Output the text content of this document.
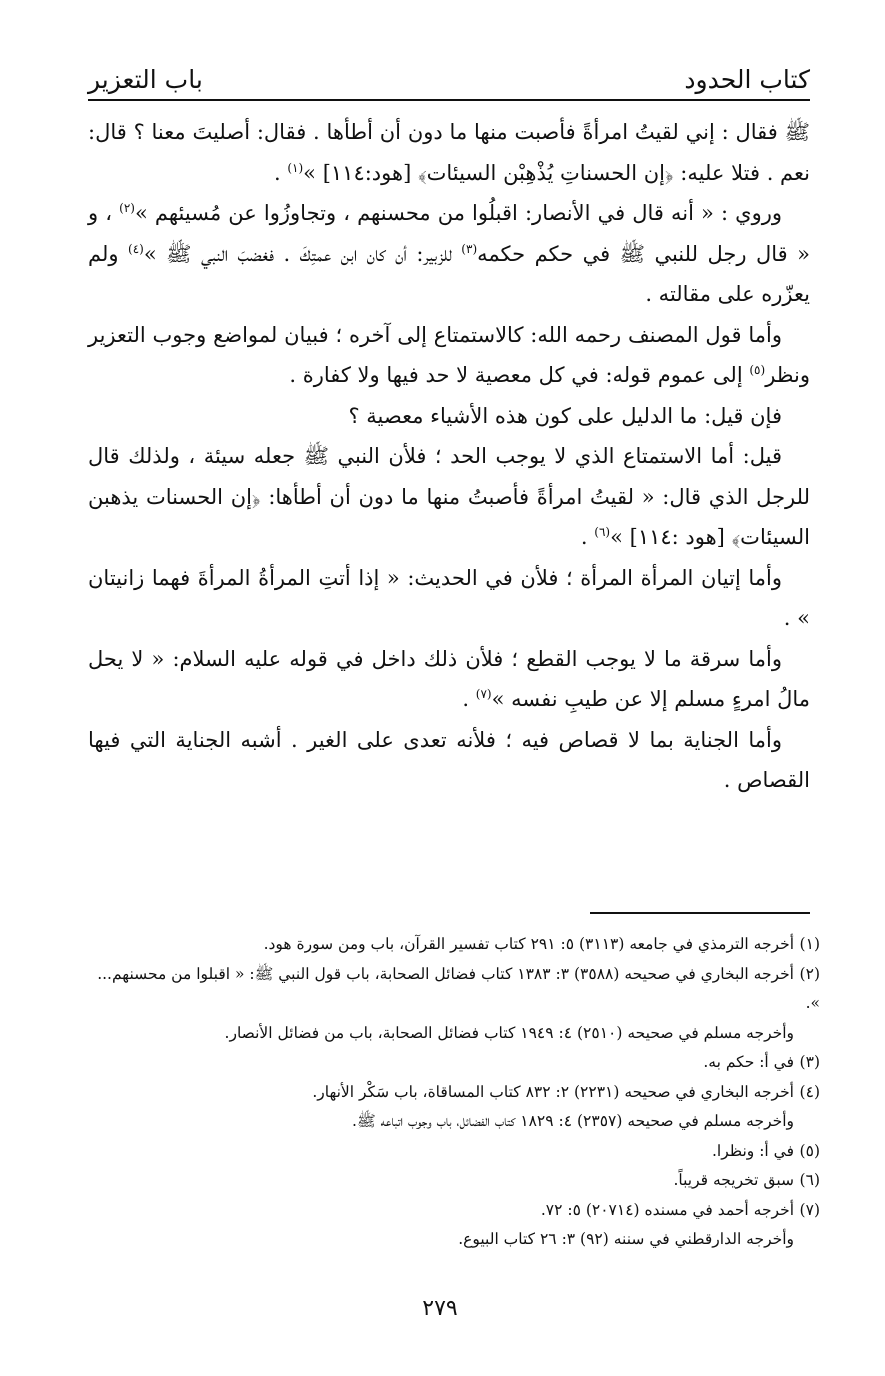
كتاب الحدود
باب التعزير

ﷺ فقال : إني لقيتُ امرأةً فأصبت منها ما دون أن أطأها . فقال: أصليتَ معنا ؟ قال: نعم . فتلا عليه: ﴿إن الحسناتِ يُذْهِبْن السيئات﴾ [هود:١١٤] »$^{(١)}$ .

وروي : « أنه قال في الأنصار: اقبلُوا من محسنهم ، وتجاوزُوا عن مُسيئهم »$^{(٢)}$ ، و « قال رجل للنبي ﷺ في حكم حكمه$^{(٣)}$ للزبير: أن كان ابن عمتِكَ . فغضبَ النبي ﷺ »$^{(٤)}$ ولم يعزّره على مقالته .

وأما قول المصنف رحمه الله: كالاستمتاع إلى آخره ؛ فبيان لمواضع وجوب التعزير ونظر$^{(٥)}$ إلى عموم قوله: في كل معصية لا حد فيها ولا كفارة .

فإن قيل: ما الدليل على كون هذه الأشياء معصية ؟

قيل: أما الاستمتاع الذي لا يوجب الحد ؛ فلأن النبي ﷺ جعله سيئة ، ولذلك قال للرجل الذي قال: « لقيتُ امرأةً فأصبتُ منها ما دون أن أطأها: ﴿إن الحسنات يذهبن السيئات﴾ [هود :١١٤] »$^{(٦)}$ .

وأما إتيان المرأة المرأة ؛ فلأن في الحديث: « إذا أتتِ المرأةُ المرأةَ فهما زانيتان » .

وأما سرقة ما لا يوجب القطع ؛ فلأن ذلك داخل في قوله عليه السلام: « لا يحل مالُ امرءٍ مسلم إلا عن طيبِ نفسه »$^{(٧)}$ .

وأما الجناية بما لا قصاص فيه ؛ فلأنه تعدى على الغير . أشبه الجناية التي فيها القصاص .

(١)أخرجه الترمذي في جامعه (٣١١٣) ٥: ٢٩١ كتاب تفسير القرآن، باب ومن سورة هود.

(٢)أخرجه البخاري في صحيحه (٣٥٨٨) ٣: ١٣٨٣ كتاب فضائل الصحابة، باب قول النبي ﷺ: « اقبلوا من محسنهم... ».

وأخرجه مسلم في صحيحه (٢٥١٠) ٤: ١٩٤٩ كتاب فضائل الصحابة، باب من فضائل الأنصار.

(٣)في أ: حكم به.

(٤)أخرجه البخاري في صحيحه (٢٢٣١) ٢: ٨٣٢ كتاب المساقاة، باب سَكْر الأنهار.

وأخرجه مسلم في صحيحه (٢٣٥٧) ٤: ١٨٢٩ كتاب الفضائل، باب وجوب اتباعه ﷺ.

(٥)في أ: ونظرا.

(٦)سبق تخريجه قريباً.

(٧)أخرجه أحمد في مسنده (٢٠٧١٤) ٥: ٧٢.

وأخرجه الدارقطني في سننه (٩٢) ٣: ٢٦ كتاب البيوع.

٢٧٩
